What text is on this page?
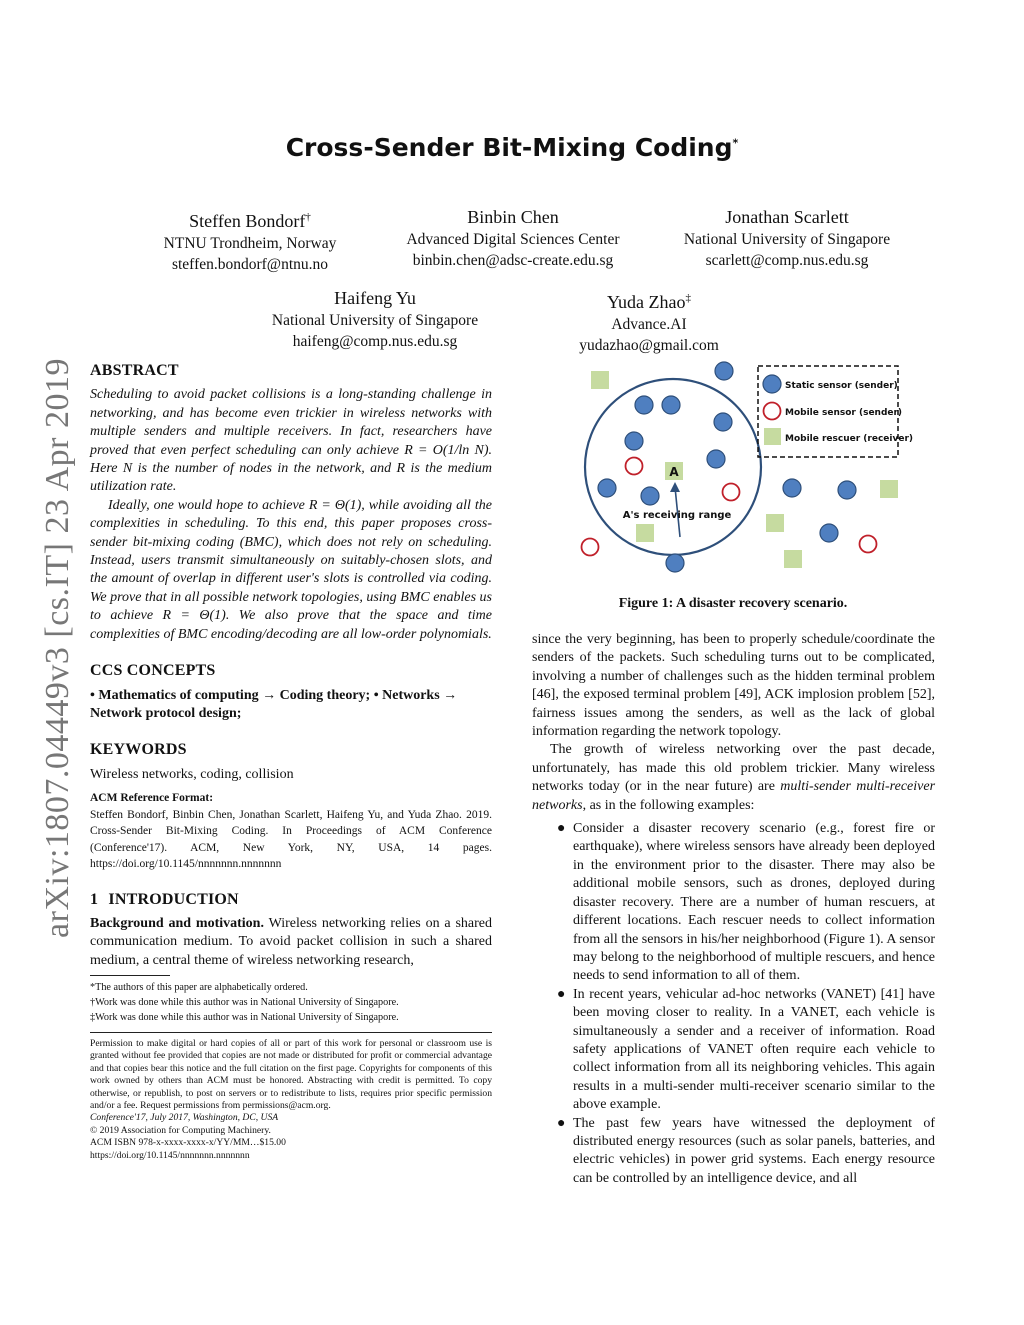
arXiv:1807.04449v3 [cs.IT] 23 Apr 2019
Cross-Sender Bit-Mixing Coding*
Steffen Bondorf†
NTNU Trondheim, Norway
steffen.bondorf@ntnu.no
Binbin Chen
Advanced Digital Sciences Center
binbin.chen@adsc-create.edu.sg
Jonathan Scarlett
National University of Singapore
scarlett@comp.nus.edu.sg
Haifeng Yu
National University of Singapore
haifeng@comp.nus.edu.sg
Yuda Zhao‡
Advance.AI
yudazhao@gmail.com
ABSTRACT

Scheduling to avoid packet collisions is a long-standing challenge in networking, and has become even trickier in wireless networks with multiple senders and multiple receivers. In fact, researchers have proved that even perfect scheduling can only achieve R = O(1/ln N). Here N is the number of nodes in the network, and R is the medium utilization rate.

Ideally, one would hope to achieve R = Θ(1), while avoiding all the complexities in scheduling. To this end, this paper proposes cross-sender bit-mixing coding (BMC), which does not rely on scheduling. Instead, users transmit simultaneously on suitably-chosen slots, and the amount of overlap in different user's slots is controlled via coding. We prove that in all possible network topologies, using BMC enables us to achieve R = Θ(1). We also prove that the space and time complexities of BMC encoding/decoding are all low-order polynomials.

CCS CONCEPTS

• Mathematics of computing → Coding theory; • Networks → Network protocol design;

KEYWORDS

Wireless networks, coding, collision

ACM Reference Format:
Steffen Bondorf, Binbin Chen, Jonathan Scarlett, Haifeng Yu, and Yuda Zhao. 2019. Cross-Sender Bit-Mixing Coding. In Proceedings of ACM Conference (Conference'17). ACM, New York, NY, USA, 14 pages. https://doi.org/10.1145/nnnnnnn.nnnnnnn
1 INTRODUCTION

Background and motivation. Wireless networking relies on a shared communication medium. To avoid packet collision in such a shared medium, a central theme of wireless networking research,

*The authors of this paper are alphabetically ordered.
†Work was done while this author was in National University of Singapore.
‡Work was done while this author was in National University of Singapore.
Permission to make digital or hard copies of all or part of this work for personal or classroom use is granted without fee provided that copies are not made or distributed for profit or commercial advantage and that copies bear this notice and the full citation on the first page. Copyrights for components of this work owned by others than ACM must be honored. Abstracting with credit is permitted. To copy otherwise, or republish, to post on servers or to redistribute to lists, requires prior specific permission and/or a fee. Request permissions from permissions@acm.org.
Conference'17, July 2017, Washington, DC, USA
© 2019 Association for Computing Machinery.
ACM ISBN 978-x-xxxx-xxxx-x/YY/MM…$15.00
https://doi.org/10.1145/nnnnnnn.nnnnnnn
A
A's receiving range
Static sensor (sender)
Mobile sensor (sender)
Mobile rescuer (receiver)
Figure 1: A disaster recovery scenario.

since the very beginning, has been to properly schedule/coordinate the senders of the packets. Such scheduling turns out to be complicated, involving a number of challenges such as the hidden terminal problem [46], the exposed terminal problem [49], ACK implosion problem [52], fairness issues among the senders, as well as the lack of global information regarding the network topology.

The growth of wireless networking over the past decade, unfortunately, has made this old problem trickier. Many wireless networks today (or in the near future) are multi-sender multi-receiver networks, as in the following examples:

● Consider a disaster recovery scenario (e.g., forest fire or earthquake), where wireless sensors have already been deployed in the environment prior to the disaster. There may also be additional mobile sensors, such as drones, deployed during disaster recovery. There are a number of human rescuers, at different locations. Each rescuer needs to collect information from all the sensors in his/her neighborhood (Figure 1). A sensor may belong to the neighborhood of multiple rescuers, and hence needs to send information to all of them.
● In recent years, vehicular ad-hoc networks (VANET) [41] have been moving closer to reality. In a VANET, each vehicle is simultaneously a sender and a receiver of information. Road safety applications of VANET often require each vehicle to collect information from all its neighboring vehicles. This again results in a multi-sender multi-receiver scenario similar to the above example.
● The past few years have witnessed the deployment of distributed energy resources (such as solar panels, batteries, and electric vehicles) in power grid systems. Each energy resource can be controlled by an intelligence device, and all
